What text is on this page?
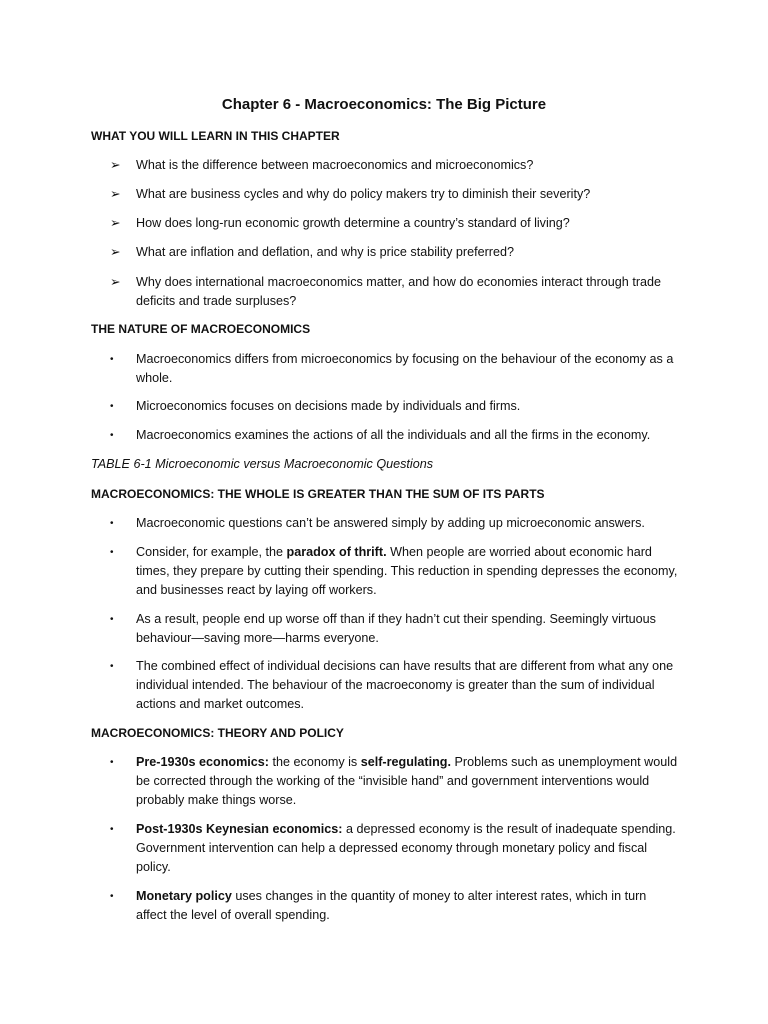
Chapter 6 - Macroeconomics: The Big Picture
WHAT YOU WILL LEARN IN THIS CHAPTER
➢	What is the difference between macroeconomics and microeconomics?
➢	What are business cycles and why do policy makers try to diminish their severity?
➢	How does long-run economic growth determine a country’s standard of living?
➢	What are inflation and deflation, and why is price stability preferred?
➢	Why does international macroeconomics matter, and how do economies interact through trade deficits and trade surpluses?
THE NATURE OF MACROECONOMICS
•	Macroeconomics differs from microeconomics by focusing on the behaviour of the economy as a whole.
•	Microeconomics focuses on decisions made by individuals and firms.
•	Macroeconomics examines the actions of all the individuals and all the firms in the economy.
TABLE 6-1 Microeconomic versus Macroeconomic Questions
MACROECONOMICS: THE WHOLE IS GREATER THAN THE SUM OF ITS PARTS
•	Macroeconomic questions can’t be answered simply by adding up microeconomic answers.
•	Consider, for example, the paradox of thrift. When people are worried about economic hard times, they prepare by cutting their spending. This reduction in spending depresses the economy, and businesses react by laying off workers.
•	As a result, people end up worse off than if they hadn’t cut their spending. Seemingly virtuous behaviour—saving more—harms everyone.
•	The combined effect of individual decisions can have results that are different from what any one individual intended. The behaviour of the macroeconomy is greater than the sum of individual actions and market outcomes.
MACROECONOMICS: THEORY AND POLICY
•	Pre-1930s economics: the economy is self-regulating. Problems such as unemployment would be corrected through the working of the “invisible hand” and government interventions would probably make things worse.
•	Post-1930s Keynesian economics: a depressed economy is the result of inadequate spending. Government intervention can help a depressed economy through monetary policy and fiscal policy.
•	Monetary policy uses changes in the quantity of money to alter interest rates, which in turn affect the level of overall spending.
